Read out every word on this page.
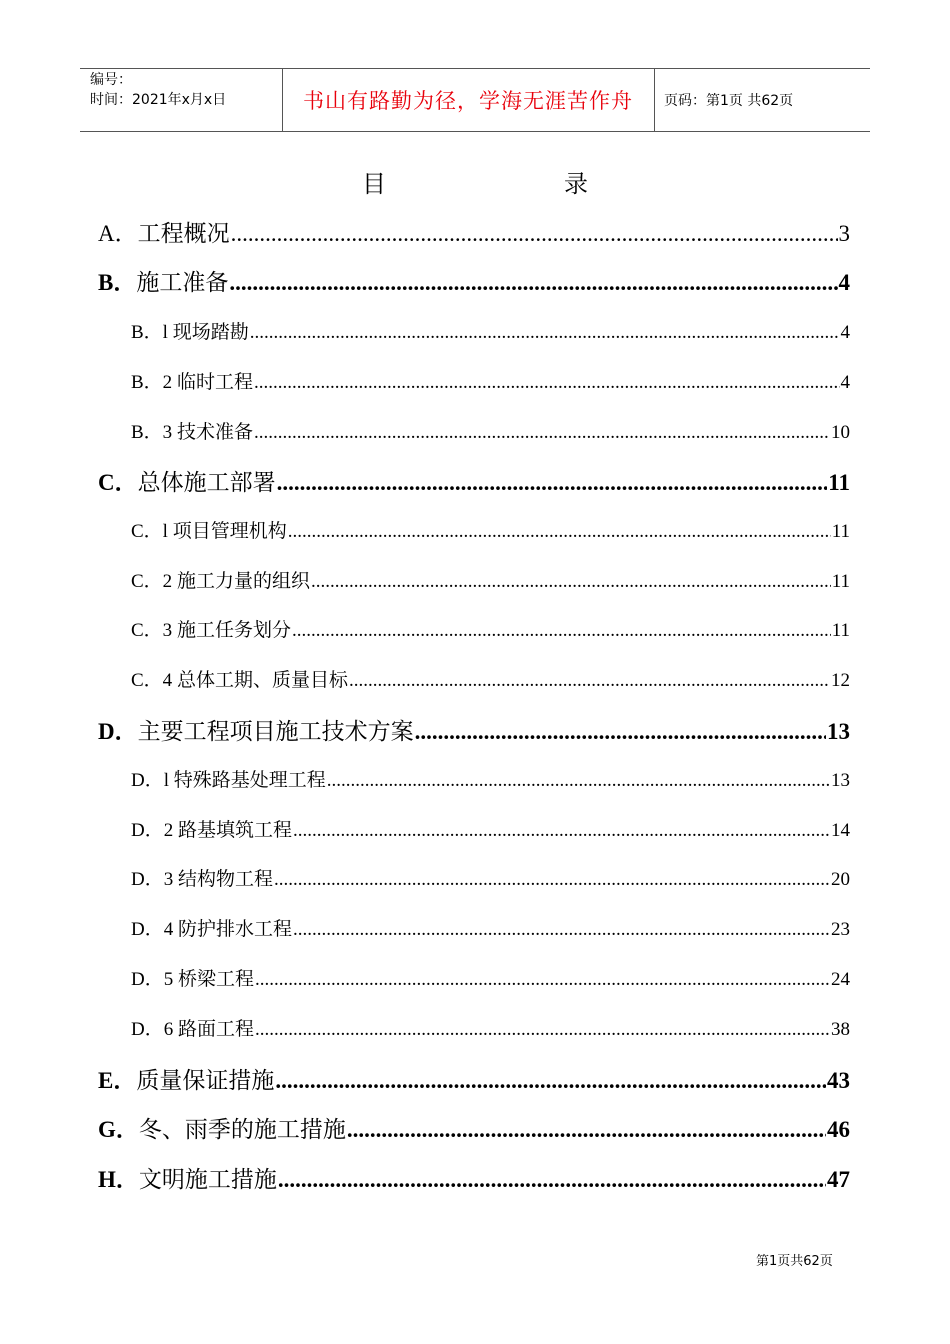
编号：
时间：2021年x月x日	书山有路勤为径，学海无涯苦作舟	页码：第1页 共62页
目	录
A．工程概况 .....	3
B．施工准备 .....	4
B．l 现场踏勘 .....	4
B．2 临时工程 .....	4
B．3 技术准备 .....	10
C．总体施工部署 .....	11
C．l 项目管理机构 .....	11
C．2 施工力量的组织 .....	11
C．3 施工任务划分 .....	11
C．4 总体工期、质量目标 .....	12
D．主要工程项目施工技术方案 .....	13
D．l 特殊路基处理工程 .....	13
D．2 路基填筑工程 .....	14
D．3 结构物工程 .....	20
D．4 防护排水工程 .....	23
D．5 桥梁工程 .....	24
D．6 路面工程 .....	38
E．质量保证措施 .....	43
G．冬、雨季的施工措施 .....	46
H．文明施工措施 .....	47
第1页共62页
